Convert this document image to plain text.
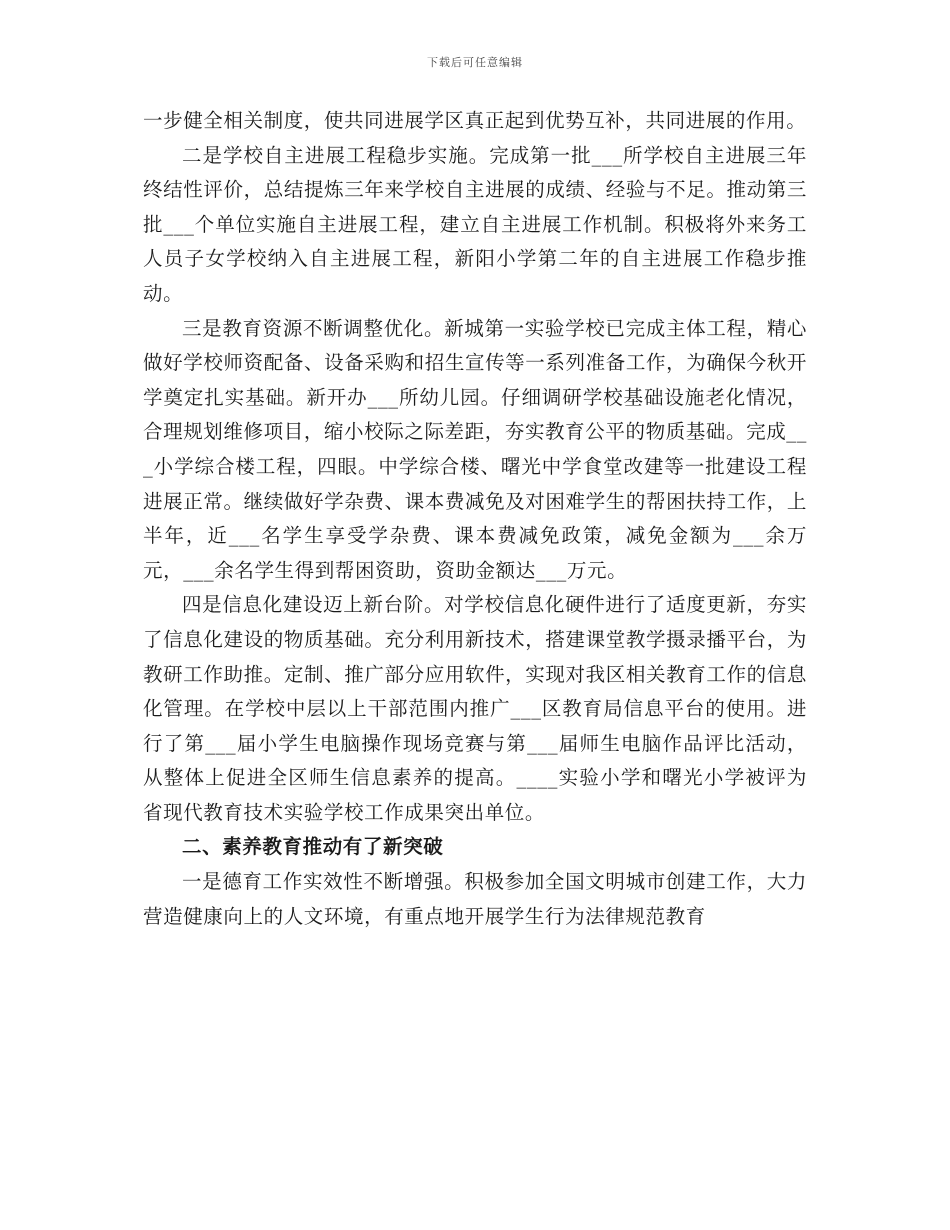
下载后可任意编辑

一步健全相关制度，使共同进展学区真正起到优势互补，共同进展的作用。

二是学校自主进展工程稳步实施。完成第一批___所学校自主进展三年终结性评价，总结提炼三年来学校自主进展的成绩、经验与不足。推动第三批___个单位实施自主进展工程，建立自主进展工作机制。积极将外来务工人员子女学校纳入自主进展工程，新阳小学第二年的自主进展工作稳步推动。

三是教育资源不断调整优化。新城第一实验学校已完成主体工程，精心做好学校师资配备、设备采购和招生宣传等一系列准备工作，为确保今秋开学奠定扎实基础。新开办___所幼儿园。仔细调研学校基础设施老化情况，合理规划维修项目，缩小校际之际差距，夯实教育公平的物质基础。完成___小学综合楼工程，四眼。中学综合楼、曙光中学食堂改建等一批建设工程进展正常。继续做好学杂费、课本费减免及对困难学生的帮困扶持工作，上半年，近___名学生享受学杂费、课本费减免政策，减免金额为___余万元，___余名学生得到帮困资助，资助金额达___万元。

四是信息化建设迈上新台阶。对学校信息化硬件进行了适度更新，夯实了信息化建设的物质基础。充分利用新技术，搭建课堂教学摄录播平台，为教研工作助推。定制、推广部分应用软件，实现对我区相关教育工作的信息化管理。在学校中层以上干部范围内推广___区教育局信息平台的使用。进行了第___届小学生电脑操作现场竞赛与第___届师生电脑作品评比活动，从整体上促进全区师生信息素养的提高。____实验小学和曙光小学被评为省现代教育技术实验学校工作成果突出单位。

二、素养教育推动有了新突破

一是德育工作实效性不断增强。积极参加全国文明城市创建工作，大力营造健康向上的人文环境，有重点地开展学生行为法律规范教育
